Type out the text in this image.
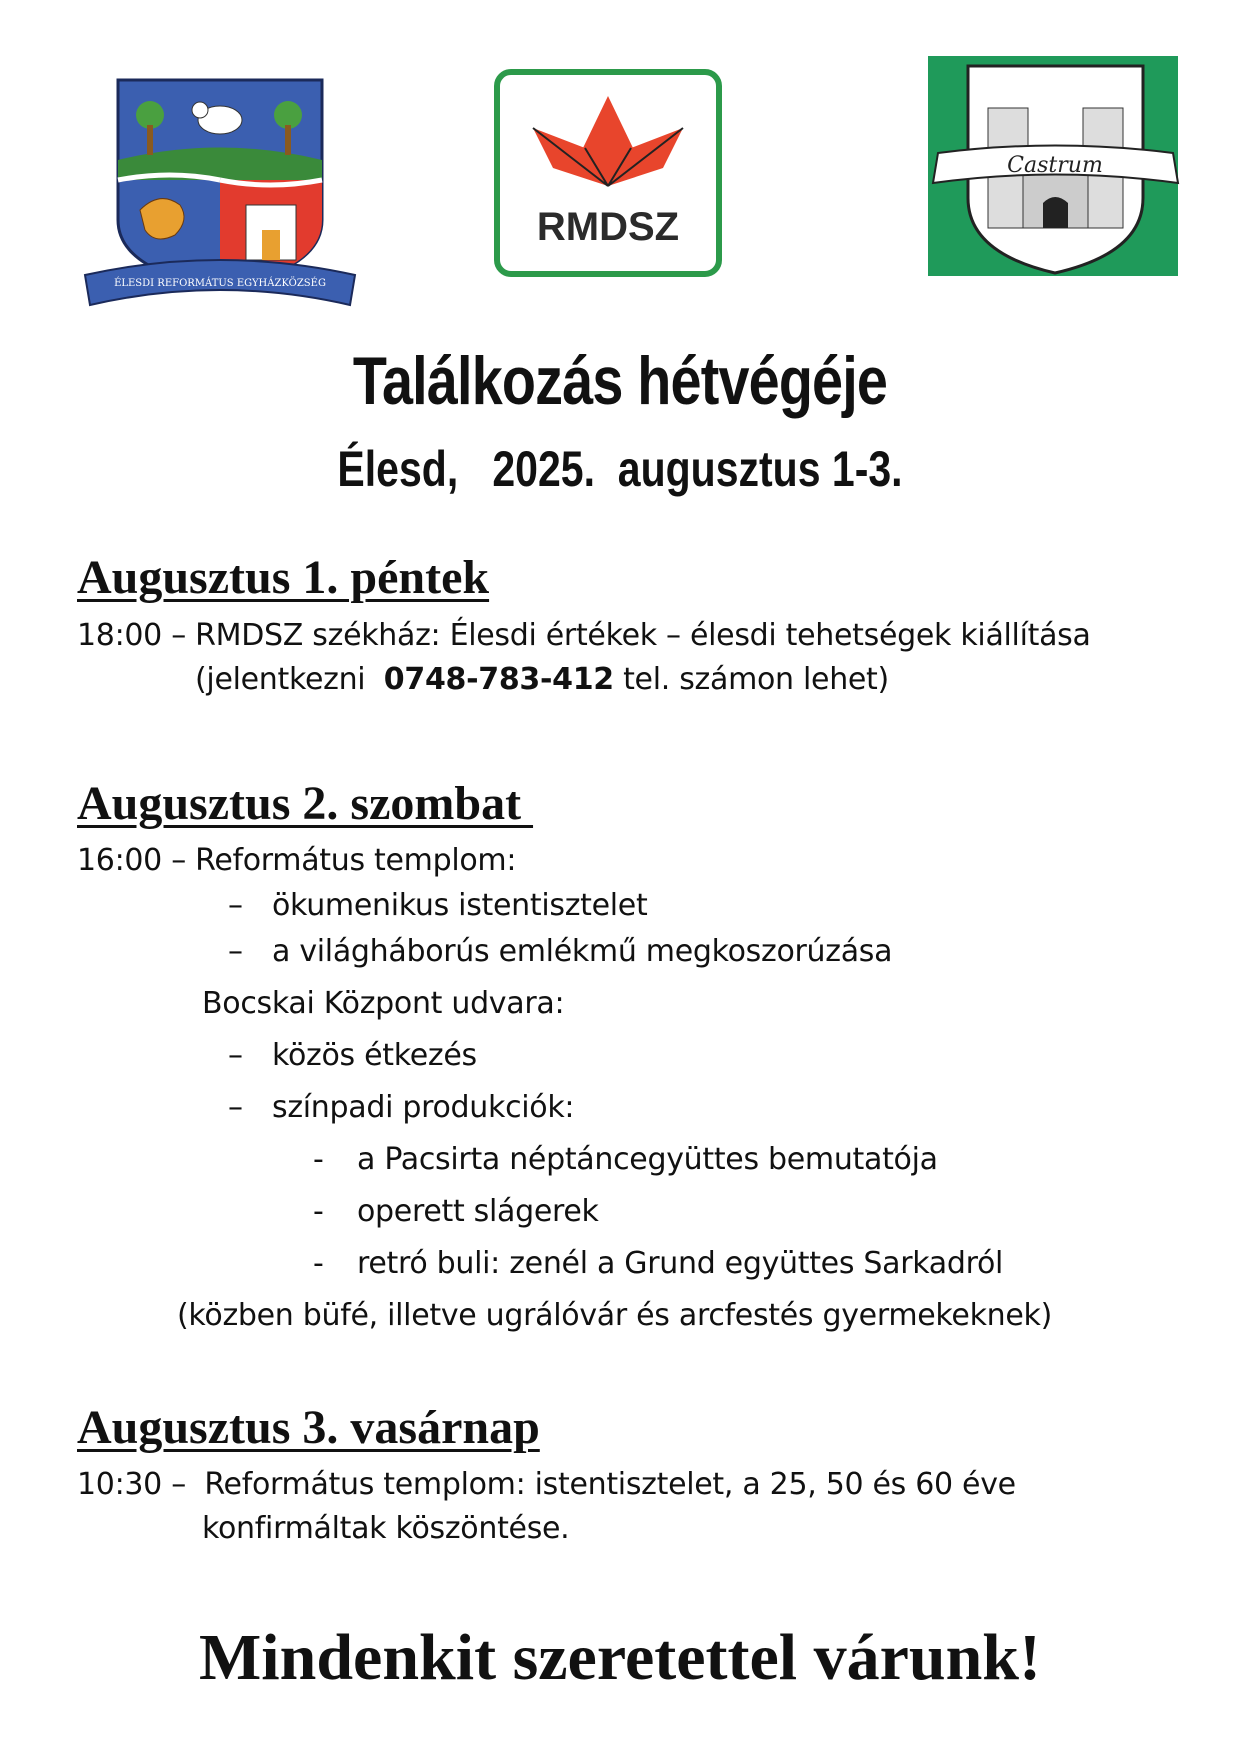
ÉLESDI REFORMÁTUS EGYHÁZKÖZSÉG
RMDSZ
Castrum
Találkozás hétvégéje
Élesd,   2025.  augusztus 1-3.
Augusztus 1. péntek
18:00 – RMDSZ székház: Élesdi értékek – élesdi tehetségek kiállítása
(jelentkezni  0748-783-412 tel. számon lehet)
Augusztus 2. szombat
16:00 – Református templom:
– ökumenikus istentisztelet
– a világháborús emlékmű megkoszorúzása
Bocskai Központ udvara:
– közös étkezés
– színpadi produkciók:
- a Pacsirta néptáncegyüttes bemutatója
- operett slágerek
- retró buli: zenél a Grund együttes Sarkadról
(közben büfé, illetve ugrálóvár és arcfestés gyermekeknek)
Augusztus 3. vasárnap
10:30 –  Református templom: istentisztelet, a 25, 50 és 60 éve
konfirmáltak köszöntése.
Mindenkit szeretettel várunk!
